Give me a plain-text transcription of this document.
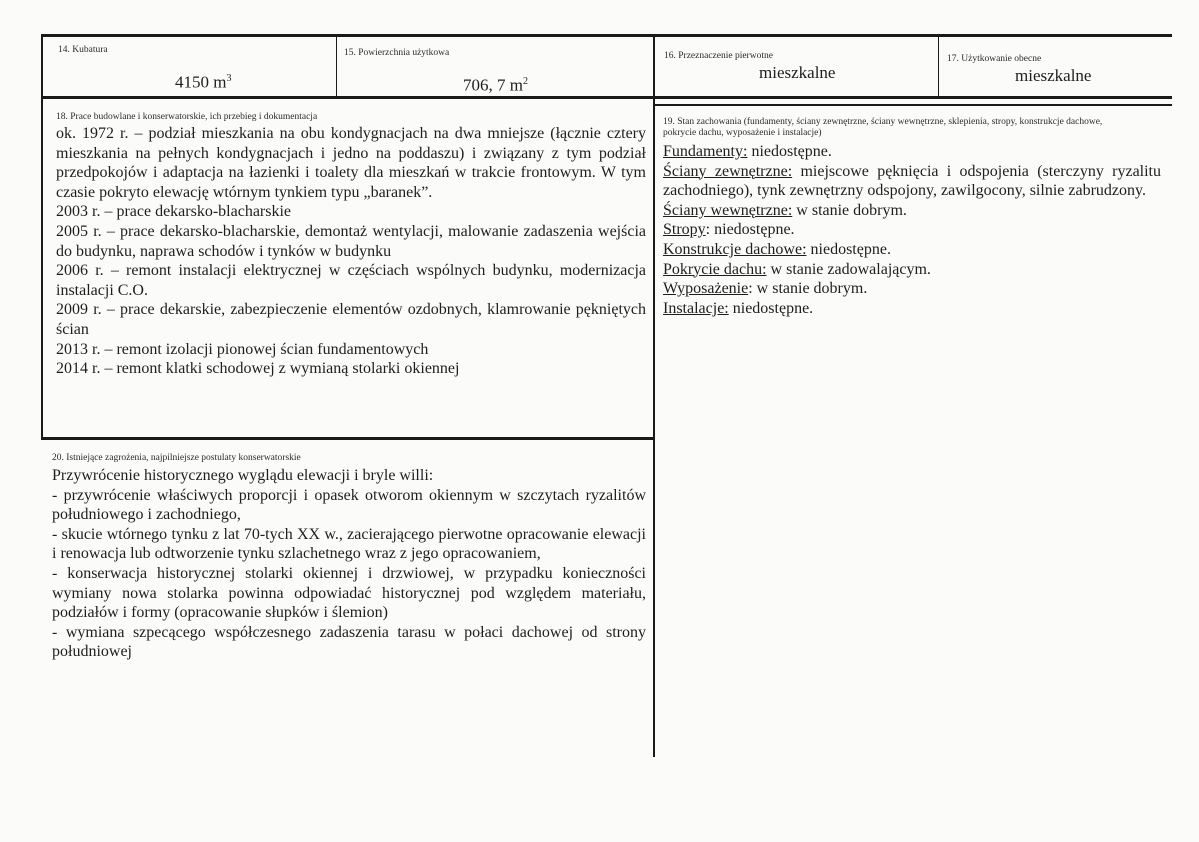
14. Kubatura
4150 $m^3$
15. Powierzchnia użytkowa
706, 7 $m^2$
16. Przeznaczenie pierwotne
mieszkalne
17. Użytkowanie obecne
mieszkalne
18. Prace budowlane i konserwatorskie, ich przebieg i dokumentacja

ok. 1972 r. – podział mieszkania na obu kondygnacjach na dwa mniejsze (łącznie cztery mieszkania na pełnych kondygnacjach i jedno na poddaszu) i związany z tym podział przedpokojów i adaptacja na łazienki i toalety dla mieszkań w trakcie frontowym. W tym czasie pokryto elewację wtórnym tynkiem typu „baranek”.

2003 r. – prace dekarsko-blacharskie

2005 r. – prace dekarsko-blacharskie, demontaż wentylacji, malowanie zadaszenia wejścia do budynku, naprawa schodów i tynków w budynku

2006 r. – remont instalacji elektrycznej w częściach wspólnych budynku, modernizacja instalacji C.O.

2009 r. – prace dekarskie, zabezpieczenie elementów ozdobnych, klamrowanie pękniętych ścian

2013 r. – remont izolacji pionowej ścian fundamentowych

2014 r. – remont klatki schodowej z wymianą stolarki okiennej

19. Stan zachowania (fundamenty, ściany zewnętrzne, ściany wewnętrzne, sklepienia, stropy, konstrukcje dachowe, pokrycie dachu, wyposażenie i instalacje)

Fundamenty: niedostępne.

Ściany zewnętrzne: miejscowe pęknięcia i odspojenia (sterczyny ryzalitu zachodniego), tynk zewnętrzny odspojony, zawilgocony, silnie zabrudzony.

Ściany wewnętrzne: w stanie dobrym.

Stropy: niedostępne.

Konstrukcje dachowe: niedostępne.

Pokrycie dachu: w stanie zadowalającym.

Wyposażenie: w stanie dobrym.

Instalacje: niedostępne.

20. Istniejące zagrożenia, najpilniejsze postulaty konserwatorskie

Przywrócenie historycznego wyglądu elewacji i bryle willi:

- przywrócenie właściwych proporcji i opasek otworom okiennym w szczytach ryzalitów południowego i zachodniego,

- skucie wtórnego tynku z lat 70-tych XX w., zacierającego pierwotne opracowanie elewacji i renowacja lub odtworzenie tynku szlachetnego wraz z jego opracowaniem,

- konserwacja historycznej stolarki okiennej i drzwiowej, w przypadku konieczności wymiany nowa stolarka powinna odpowiadać historycznej pod względem materiału, podziałów i formy (opracowanie słupków i ślemion)

- wymiana szpecącego współczesnego zadaszenia tarasu w połaci dachowej od strony południowej
